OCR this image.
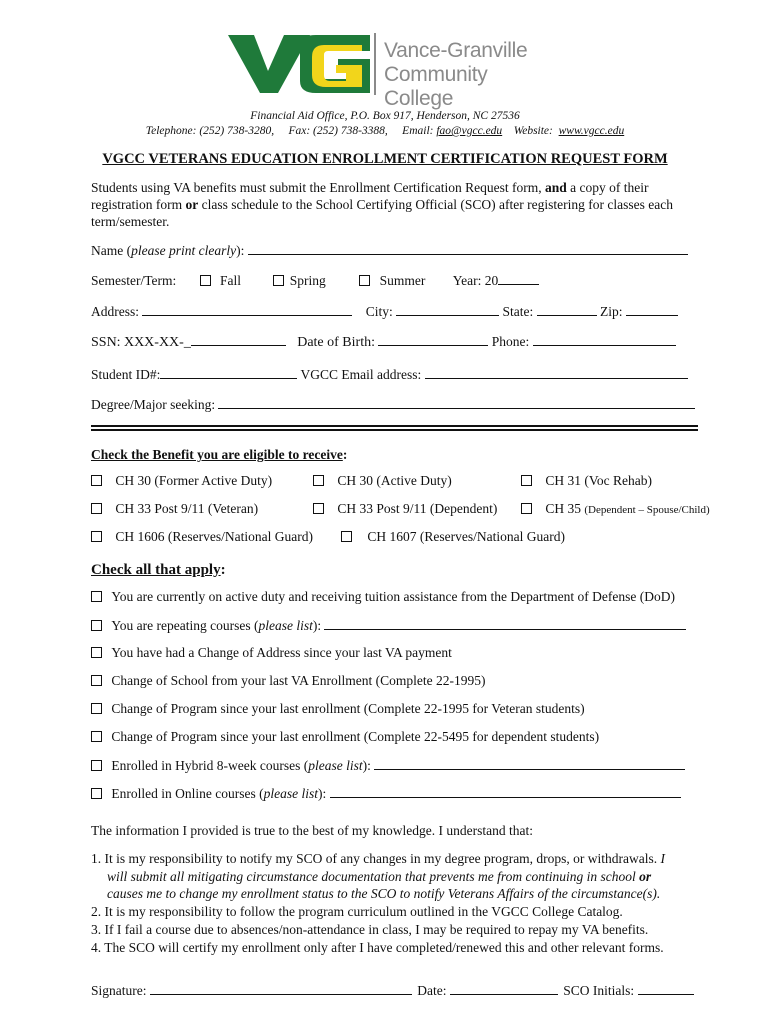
Vance-Granville
Community College
Financial Aid Office, P.O. Box 917, Henderson, NC 27536
Telephone: (252) 738-3280, Fax: (252) 738-3388, Email: fao@vgcc.edu Website: www.vgcc.edu
VGCC VETERANS EDUCATION ENROLLMENT CERTIFICATION REQUEST FORM
Students using VA benefits must submit the Enrollment Certification Request form, and a copy of their
registration form or class schedule to the School Certifying Official (SCO) after registering for classes each
term/semester.
Name (please print clearly):
Semester/Term:	Fall	Spring	Summer Year: 20
Address:	City:	State:	Zip:
SSN: XXX-XX-_	Date of Birth:	Phone:
Student ID#:	VGCC Email address:
Degree/Major seeking:
Check the Benefit you are eligible to receive:
CH 30 (Former Active Duty)	CH 30 (Active Duty)	CH 31 (Voc Rehab)
CH 33 Post 9/11 (Veteran)	CH 33 Post 9/11 (Dependent)	CH 35 (Dependent – Spouse/Child)
CH 1606 (Reserves/National Guard)	CH 1607 (Reserves/National Guard)
Check all that apply:
You are currently on active duty and receiving tuition assistance from the Department of Defense (DoD)
You are repeating courses (please list):
You have had a Change of Address since your last VA payment
Change of School from your last VA Enrollment (Complete 22-1995)
Change of Program since your last enrollment (Complete 22-1995 for Veteran students)
Change of Program since your last enrollment (Complete 22-5495 for dependent students)
Enrolled in Hybrid 8-week courses (please list):
Enrolled in Online courses (please list):
The information I provided is true to the best of my knowledge. I understand that:
1. It is my responsibility to notify my SCO of any changes in my degree program, drops, or withdrawals. I
will submit all mitigating circumstance documentation that prevents me from continuing in school or
causes me to change my enrollment status to the SCO to notify Veterans Affairs of the circumstance(s).
2. It is my responsibility to follow the program curriculum outlined in the VGCC College Catalog.
3. If I fail a course due to absences/non-attendance in class, I may be required to repay my VA benefits.
4. The SCO will certify my enrollment only after I have completed/renewed this and other relevant forms.
Signature:	Date:	SCO Initials:
